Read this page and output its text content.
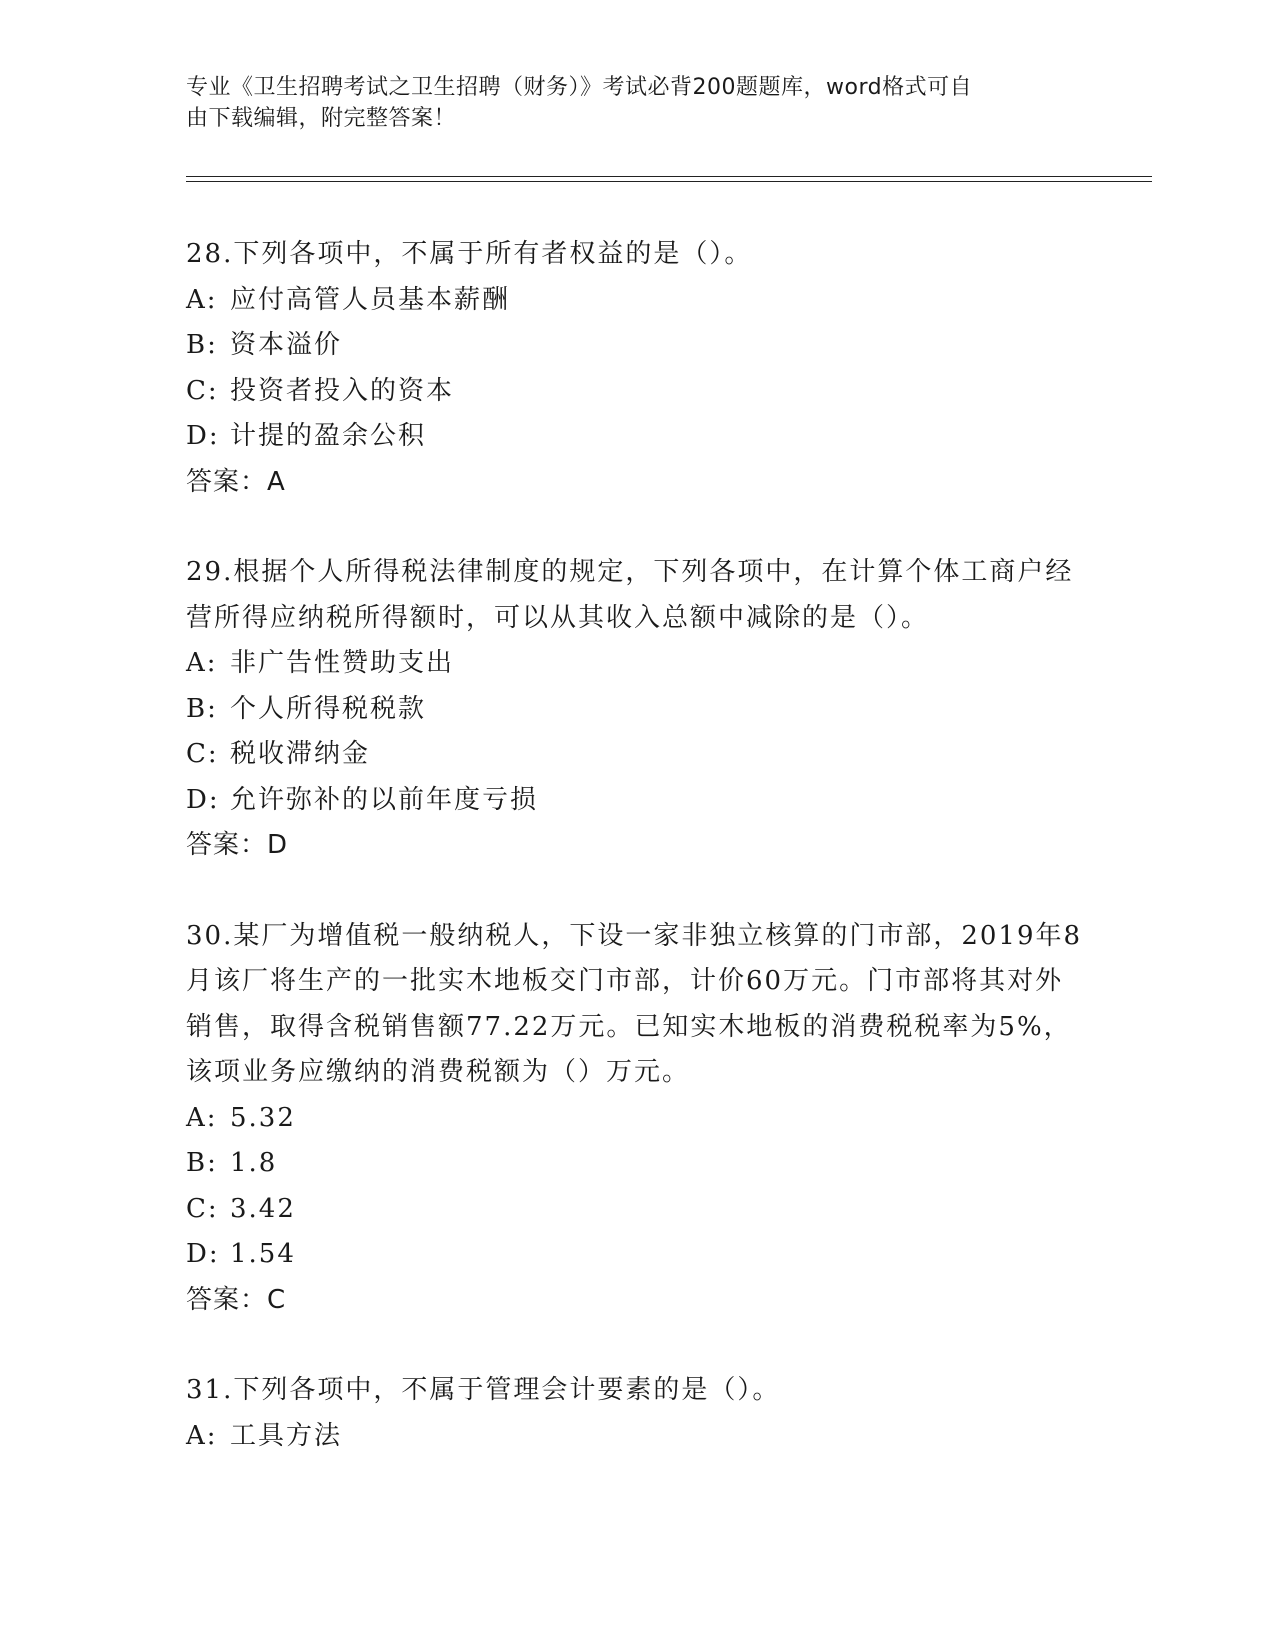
专业《卫生招聘考试之卫生招聘（财务）》考试必背200题题库，word格式可自
由下载编辑，附完整答案！
28.下列各项中，不属于所有者权益的是（）。
A: 应付高管人员基本薪酬
B: 资本溢价
C: 投资者投入的资本
D: 计提的盈余公积
答案：A
29.根据个人所得税法律制度的规定，下列各项中，在计算个体工商户经营所得应纳税所得额时，可以从其收入总额中减除的是（）。
A: 非广告性赞助支出
B: 个人所得税税款
C: 税收滞纳金
D: 允许弥补的以前年度亏损
答案：D
30.某厂为增值税一般纳税人，下设一家非独立核算的门市部，2019年8月该厂将生产的一批实木地板交门市部，计价60万元。门市部将其对外销售，取得含税销售额77.22万元。已知实木地板的消费税税率为5%，该项业务应缴纳的消费税额为（）万元。
A: 5.32
B: 1.8
C: 3.42
D: 1.54
答案：C
31.下列各项中，不属于管理会计要素的是（）。
A: 工具方法
